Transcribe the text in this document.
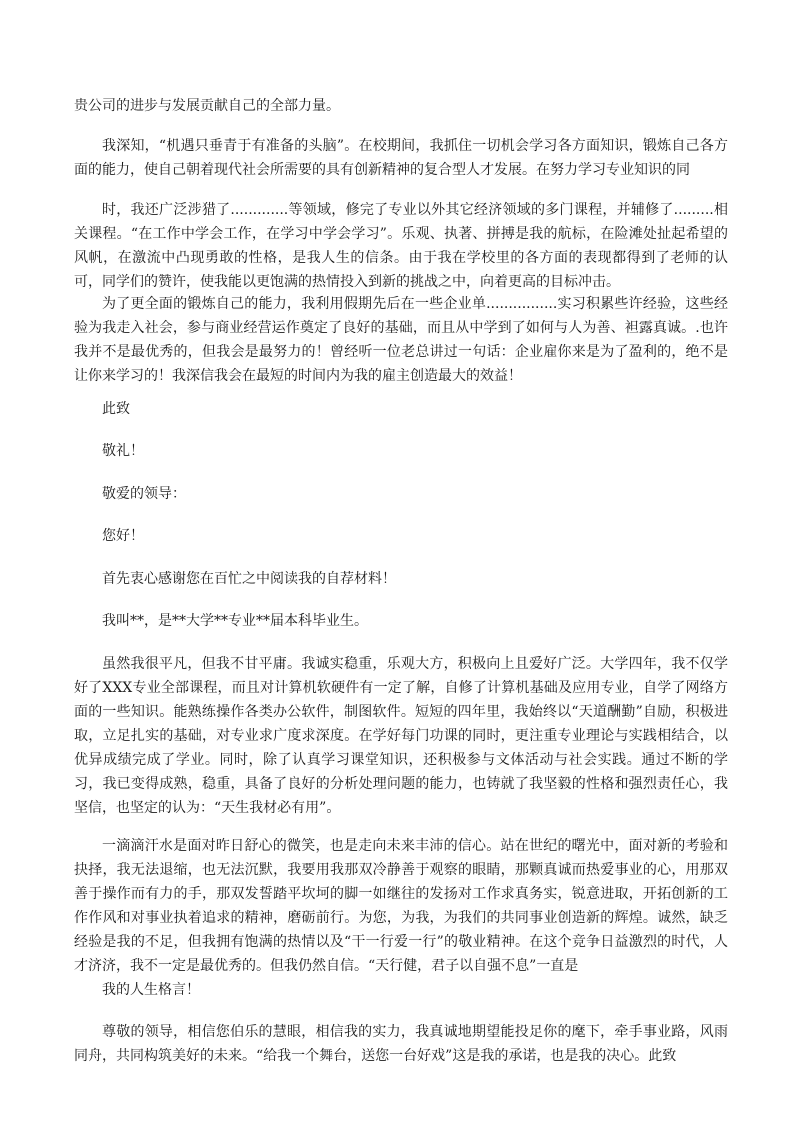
贵公司的进步与发展贡献自己的全部力量。

我深知，“机遇只垂青于有准备的头脑”。在校期间，我抓住一切机会学习各方面知识，锻炼自己各方面的能力，使自己朝着现代社会所需要的具有创新精神的复合型人才发展。在努力学习专业知识的同

时，我还广泛涉猎了.............等领域，修完了专业以外其它经济领域的多门课程，并辅修了.........相关课程。“在工作中学会工作，在学习中学会学习”。乐观、执著、拼搏是我的航标，在险滩处扯起希望的风帆，在激流中凸现勇敢的性格，是我人生的信条。由于我在学校里的各方面的表现都得到了老师的认可，同学们的赞许，使我能以更饱满的热情投入到新的挑战之中，向着更高的目标冲击。

为了更全面的锻炼自己的能力，我利用假期先后在一些企业单................实习积累些许经验，这些经验为我走入社会，参与商业经营运作奠定了良好的基础，而且从中学到了如何与人为善、袒露真诚。.也许我并不是最优秀的，但我会是最努力的！曾经听一位老总讲过一句话：企业雇你来是为了盈利的，绝不是让你来学习的！我深信我会在最短的时间内为我的雇主创造最大的效益！

此致

敬礼！

敬爱的领导：

您好！

首先衷心感谢您在百忙之中阅读我的自荐材料！

我叫**，是**大学**专业**届本科毕业生。

虽然我很平凡，但我不甘平庸。我诚实稳重，乐观大方，积极向上且爱好广泛。大学四年，我不仅学好了XXX专业全部课程，而且对计算机软硬件有一定了解，自修了计算机基础及应用专业，自学了网络方面的一些知识。能熟练操作各类办公软件，制图软件。短短的四年里，我始终以“天道酬勤”自励，积极进取，立足扎实的基础，对专业求广度求深度。在学好每门功课的同时，更注重专业理论与实践相结合，以优异成绩完成了学业。同时，除了认真学习课堂知识，还积极参与文体活动与社会实践。通过不断的学习，我已变得成熟，稳重，具备了良好的分析处理问题的能力，也铸就了我坚毅的性格和强烈责任心，我坚信，也坚定的认为：“天生我材必有用”。

一滴滴汗水是面对昨日舒心的微笑，也是走向未来丰沛的信心。站在世纪的曙光中，面对新的考验和抉择，我无法退缩，也无法沉默，我要用我那双冷静善于观察的眼睛，那颗真诚而热爱事业的心，用那双善于操作而有力的手，那双发誓踏平坎坷的脚一如继往的发扬对工作求真务实，锐意进取，开拓创新的工作作风和对事业执着追求的精神，磨砺前行。为您，为我，为我们的共同事业创造新的辉煌。诚然，缺乏经验是我的不足，但我拥有饱满的热情以及“干一行爱一行”的敬业精神。在这个竞争日益激烈的时代，人才济济，我不一定是最优秀的。但我仍然自信。“天行健，君子以自强不息”一直是

我的人生格言！

尊敬的领导，相信您伯乐的慧眼，相信我的实力，我真诚地期望能投足你的麾下，牵手事业路，风雨同舟，共同构筑美好的未来。“给我一个舞台，送您一台好戏”这是我的承诺，也是我的决心。此致
